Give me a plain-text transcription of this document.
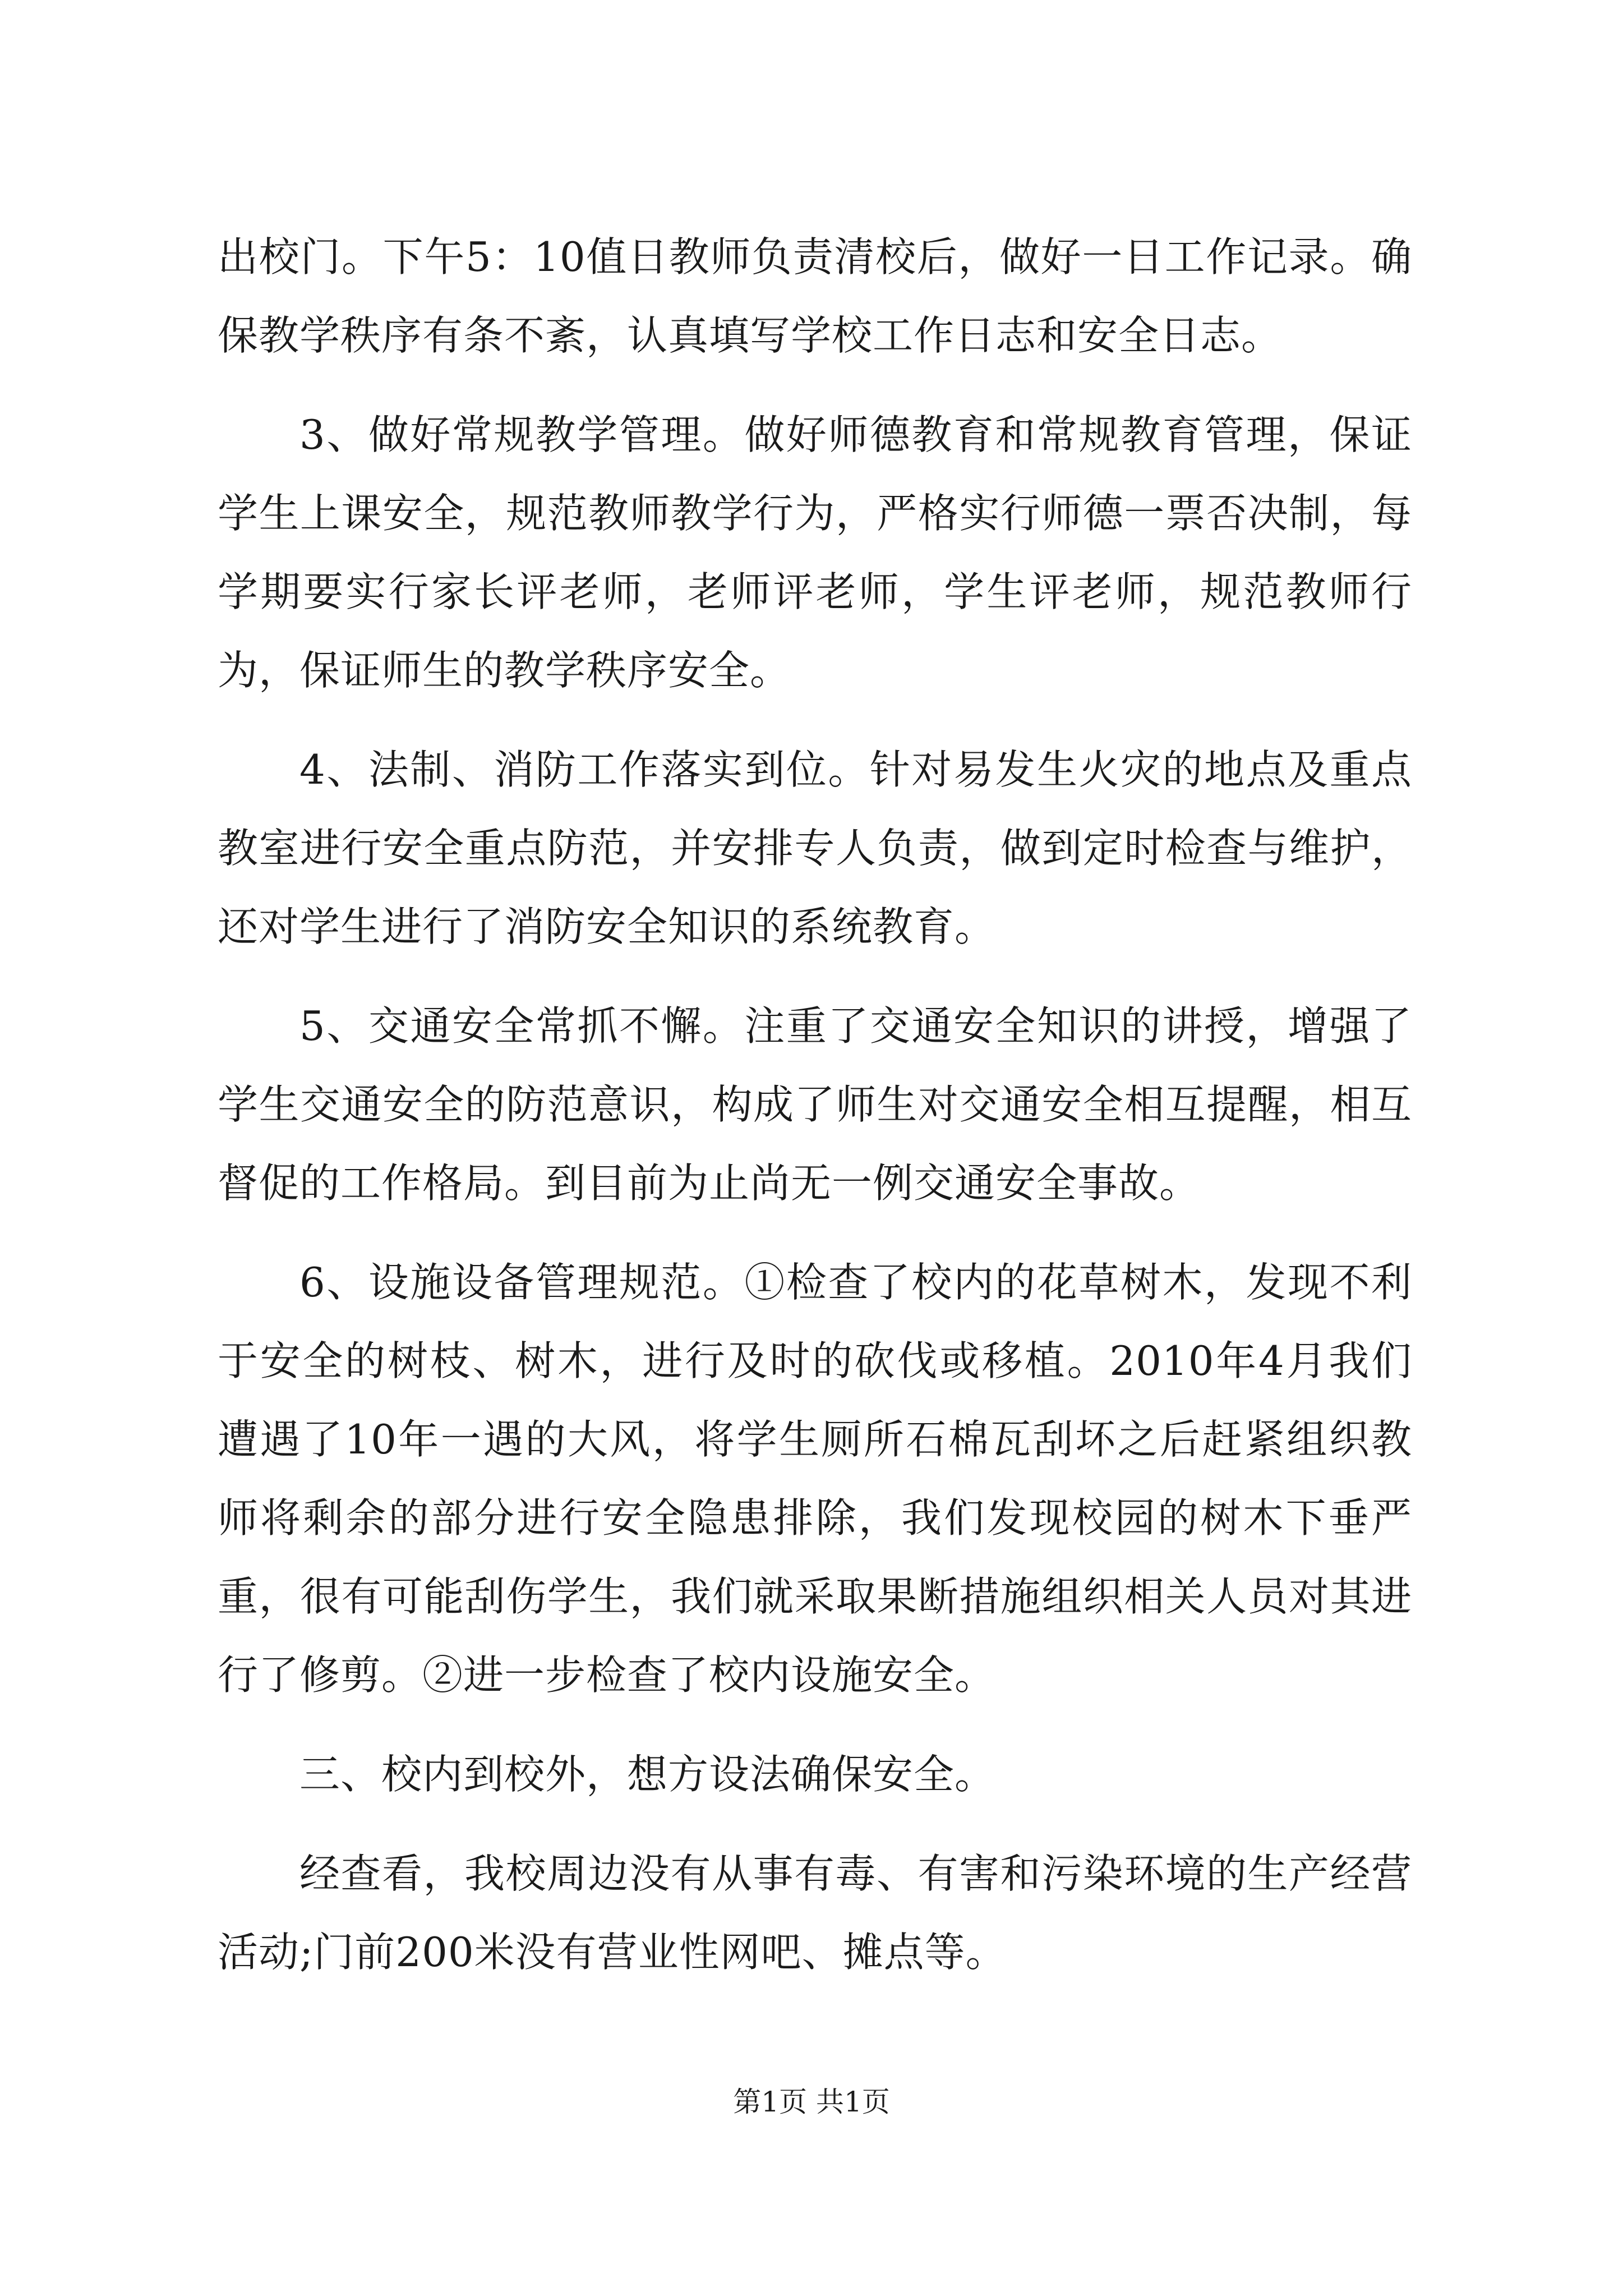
出校门。下午5：10值日教师负责清校后，做好一日工作记录。确保教学秩序有条不紊，认真填写学校工作日志和安全日志。

3、做好常规教学管理。做好师德教育和常规教育管理，保证学生上课安全，规范教师教学行为，严格实行师德一票否决制，每学期要实行家长评老师，老师评老师，学生评老师，规范教师行为，保证师生的教学秩序安全。

4、法制、消防工作落实到位。针对易发生火灾的地点及重点教室进行安全重点防范，并安排专人负责，做到定时检查与维护，还对学生进行了消防安全知识的系统教育。

5、交通安全常抓不懈。注重了交通安全知识的讲授，增强了学生交通安全的防范意识，构成了师生对交通安全相互提醒，相互督促的工作格局。到目前为止尚无一例交通安全事故。

6、设施设备管理规范。①检查了校内的花草树木，发现不利于安全的树枝、树木，进行及时的砍伐或移植。2010年4月我们遭遇了10年一遇的大风，将学生厕所石棉瓦刮坏之后赶紧组织教师将剩余的部分进行安全隐患排除，我们发现校园的树木下垂严重，很有可能刮伤学生，我们就采取果断措施组织相关人员对其进行了修剪。②进一步检查了校内设施安全。

三、校内到校外，想方设法确保安全。

经查看，我校周边没有从事有毒、有害和污染环境的生产经营活动;门前200米没有营业性网吧、摊点等。

第1页 共1页
